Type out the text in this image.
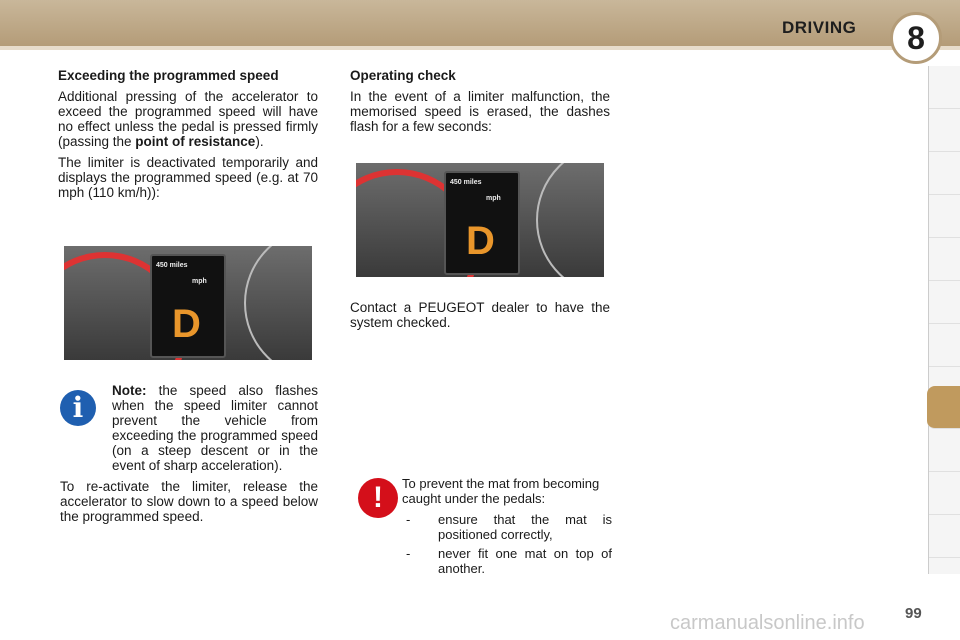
DRIVING	8
Exceeding the programmed speed

Additional pressing of the accelerator to exceed the programmed speed will have no effect unless the pedal is pressed firmly (passing the point of resistance).

The limiter is deactivated temporarily and displays the programmed speed (e.g. at 70 mph (110 km/h)):

450 miles
mph
D
i

Note: the speed also flashes when the speed limiter cannot prevent the vehicle from exceeding the programmed speed (on a steep descent or in the event of sharp acceleration).

To re-activate the limiter, release the accelerator to slow down to a speed below the programmed speed.

Operating check

In the event of a limiter malfunction, the memorised speed is erased, the dashes flash for a few seconds:

450 miles
mph
D

Contact a PEUGEOT dealer to have the system checked.

!	To prevent the mat from becoming caught under the pedals:

-	ensure that the mat is positioned correctly,
-	never fit one mat on top of another.
99
carmanualsonline.info
